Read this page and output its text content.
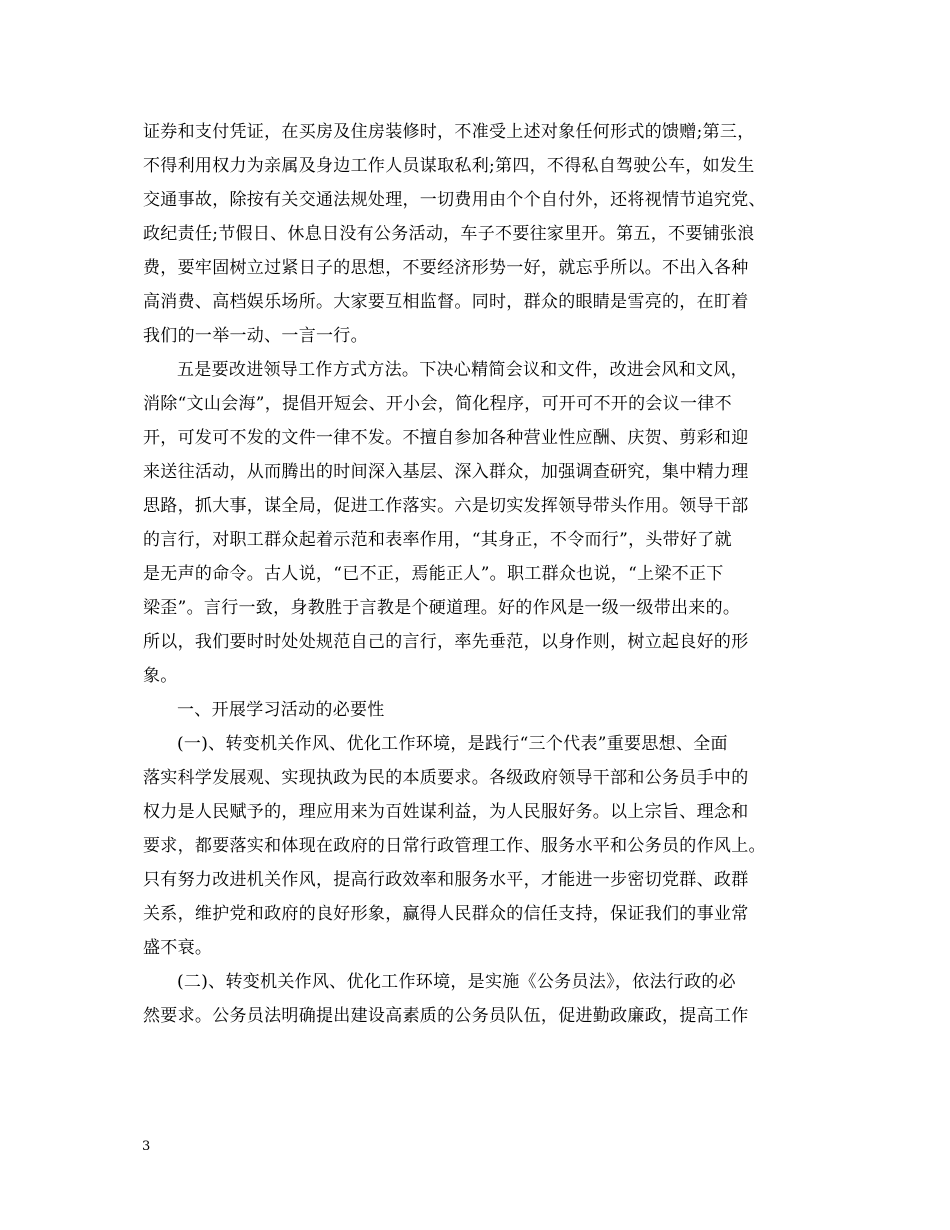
证券和支付凭证，在买房及住房装修时，不准受上述对象任何形式的馈赠;第三，
不得利用权力为亲属及身边工作人员谋取私利;第四，不得私自驾驶公车，如发生
交通事故，除按有关交通法规处理，一切费用由个个自付外，还将视情节追究党、
政纪责任;节假日、休息日没有公务活动，车子不要往家里开。第五，不要铺张浪
费，要牢固树立过紧日子的思想，不要经济形势一好，就忘乎所以。不出入各种
高消费、高档娱乐场所。大家要互相监督。同时，群众的眼睛是雪亮的，在盯着
我们的一举一动、一言一行。
五是要改进领导工作方式方法。下决心精简会议和文件，改进会风和文风，
消除“文山会海”，提倡开短会、开小会，简化程序，可开可不开的会议一律不
开，可发可不发的文件一律不发。不擅自参加各种营业性应酬、庆贺、剪彩和迎
来送往活动，从而腾出的时间深入基层、深入群众，加强调查研究，集中精力理
思路，抓大事，谋全局，促进工作落实。六是切实发挥领导带头作用。领导干部
的言行，对职工群众起着示范和表率作用，“其身正，不令而行”，头带好了就
是无声的命令。古人说，“已不正，焉能正人”。职工群众也说，“上梁不正下
梁歪”。言行一致，身教胜于言教是个硬道理。好的作风是一级一级带出来的。
所以，我们要时时处处规范自己的言行，率先垂范，以身作则，树立起良好的形
象。
一、开展学习活动的必要性
(一)、转变机关作风、优化工作环境，是践行“三个代表”重要思想、全面
落实科学发展观、实现执政为民的本质要求。各级政府领导干部和公务员手中的
权力是人民赋予的，理应用来为百姓谋利益，为人民服好务。以上宗旨、理念和
要求，都要落实和体现在政府的日常行政管理工作、服务水平和公务员的作风上。
只有努力改进机关作风，提高行政效率和服务水平，才能进一步密切党群、政群
关系，维护党和政府的良好形象，赢得人民群众的信任支持，保证我们的事业常
盛不衰。
(二)、转变机关作风、优化工作环境，是实施《公务员法》，依法行政的必
然要求。公务员法明确提出建设高素质的公务员队伍，促进勤政廉政，提高工作
3
